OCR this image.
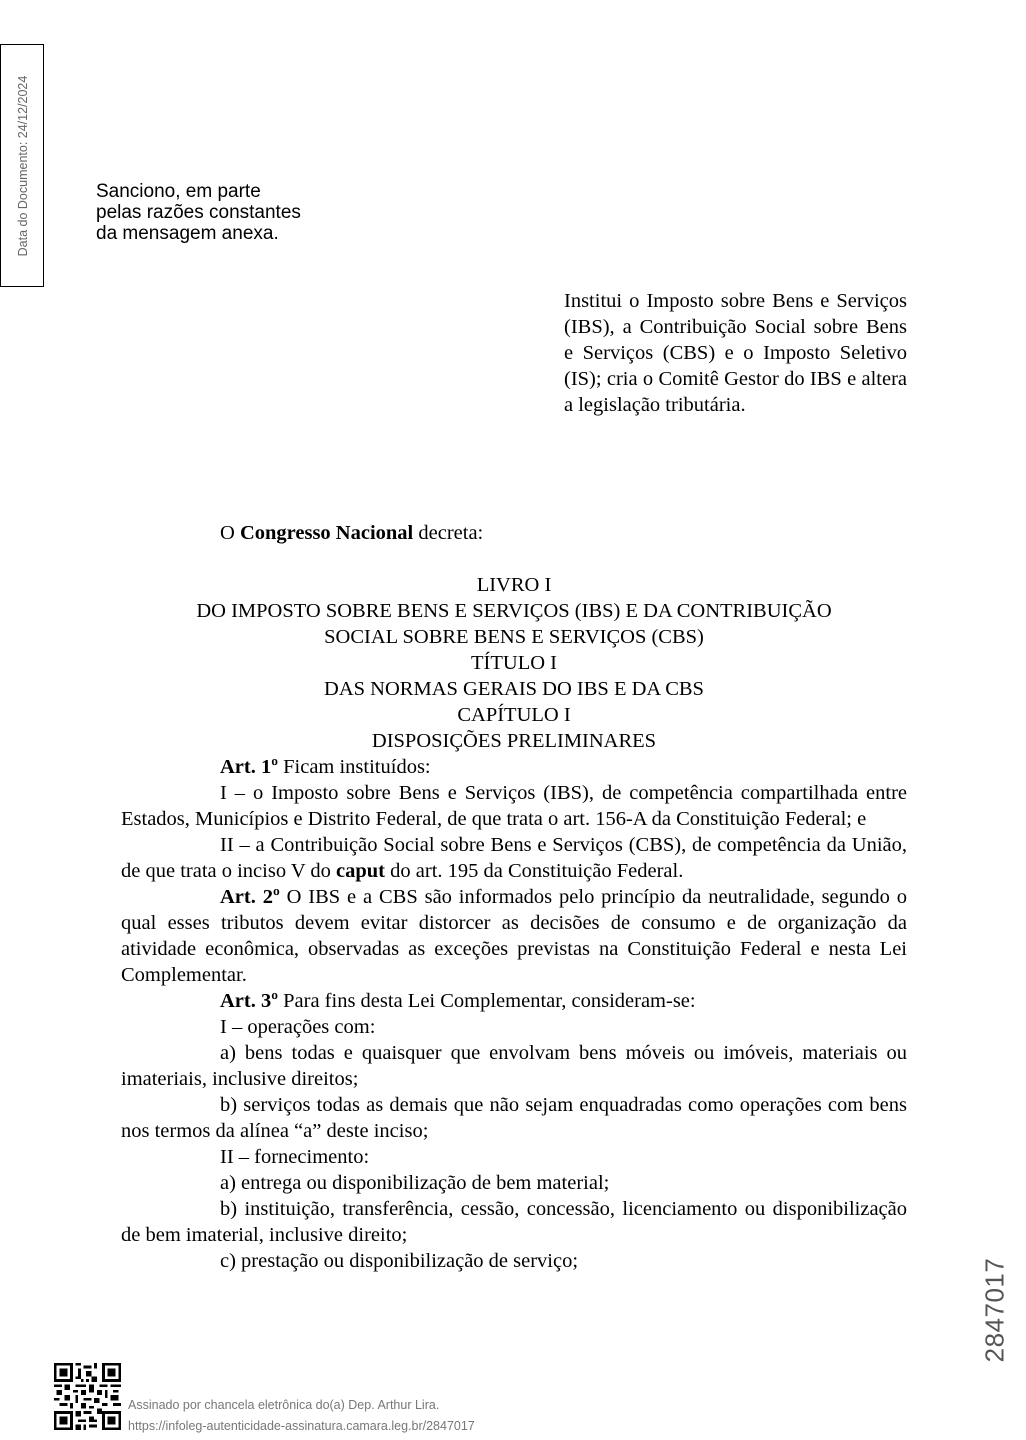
Data do Documento: 24/12/2024	Sanciono, em parte
pelas razões constantes
da mensagem anexa.
Institui o Imposto sobre Bens e Serviços (IBS), a Contribuição Social sobre Bens e Serviços (CBS) e o Imposto Seletivo (IS); cria o Comitê Gestor do IBS e altera a legislação tributária.

O Congresso Nacional decreta:

LIVRO I

DO IMPOSTO SOBRE BENS E SERVIÇOS (IBS) E DA CONTRIBUIÇÃO SOCIAL SOBRE BENS E SERVIÇOS (CBS)

TÍTULO I

DAS NORMAS GERAIS DO IBS E DA CBS

CAPÍTULO I

DISPOSIÇÕES PRELIMINARES

Art. 1º Ficam instituídos:

I – o Imposto sobre Bens e Serviços (IBS), de competência compartilhada entre Estados, Municípios e Distrito Federal, de que trata o art. 156-A da Constituição Federal; e

II – a Contribuição Social sobre Bens e Serviços (CBS), de competência da União, de que trata o inciso V do caput do art. 195 da Constituição Federal.

Art. 2º O IBS e a CBS são informados pelo princípio da neutralidade, segundo o qual esses tributos devem evitar distorcer as decisões de consumo e de organização da atividade econômica, observadas as exceções previstas na Constituição Federal e nesta Lei Complementar.

Art. 3º Para fins desta Lei Complementar, consideram-se:

I – operações com:

a) bens todas e quaisquer que envolvam bens móveis ou imóveis, materiais ou imateriais, inclusive direitos;

b) serviços todas as demais que não sejam enquadradas como operações com bens nos termos da alínea “a” deste inciso;

II – fornecimento:

a) entrega ou disponibilização de bem material;

b) instituição, transferência, cessão, concessão, licenciamento ou disponibilização de bem imaterial, inclusive direito;

c) prestação ou disponibilização de serviço;	2847017
Assinado por chancela eletrônica do(a) Dep. Arthur Lira.
https://infoleg-autenticidade-assinatura.camara.leg.br/2847017
